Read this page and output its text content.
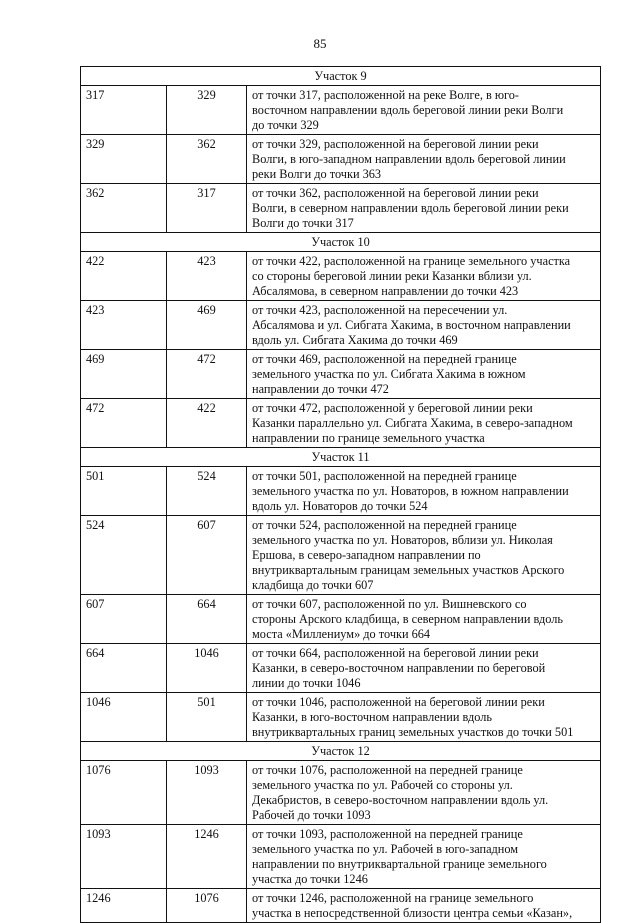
85
Участок 9		
317	329	от точки 317, расположенной на реке Волге, в юго-
восточном направлении вдоль береговой линии реки Волги
до точки 329

329	362	от точки 329, расположенной на береговой линии реки
Волги, в юго-западном направлении вдоль береговой линии
реки Волги до точки 363

362	317	от точки 362, расположенной на береговой линии реки
Волги, в северном направлении вдоль береговой линии реки
Волги до точки 317

Участок 10		
422	423	от точки 422, расположенной на границе земельного участка
со стороны береговой линии реки Казанки вблизи ул.
Абсалямова, в северном направлении до точки 423

423	469	от точки 423, расположенной на пересечении ул.
Абсалямова и ул. Сибгата Хакима, в восточном направлении
вдоль ул. Сибгата Хакима до точки 469

469	472	от точки 469, расположенной на передней границе
земельного участка по ул. Сибгата Хакима в южном
направлении до точки 472

472	422	от точки 472, расположенной у береговой линии реки
Казанки параллельно ул. Сибгата Хакима, в северо-западном
направлении по границе земельного участка

Участок 11		
501	524	от точки 501, расположенной на передней границе
земельного участка по ул. Новаторов, в южном направлении
вдоль ул. Новаторов до точки 524

524	607	от точки 524, расположенной на передней границе
земельного участка по ул. Новаторов, вблизи ул. Николая
Ершова, в северо-западном направлении по
внутриквартальным границам земельных участков Арского
кладбища до точки 607

607	664	от точки 607, расположенной по ул. Вишневского со
стороны Арского кладбища, в северном направлении вдоль
моста «Миллениум» до точки 664

664	1046	от точки 664, расположенной на береговой линии реки
Казанки, в северо-восточном направлении по береговой
линии до точки 1046

1046	501	от точки 1046, расположенной на береговой линии реки
Казанки, в юго-восточном направлении вдоль
внутриквартальных границ земельных участков до точки 501

Участок 12		
1076	1093	от точки 1076, расположенной на передней границе
земельного участка по ул. Рабочей со стороны ул.
Декабристов, в северо-восточном направлении вдоль ул.
Рабочей до точки 1093

1093	1246	от точки 1093, расположенной на передней границе
земельного участка по ул. Рабочей в юго-западном
направлении по внутриквартальной границе земельного
участка до точки 1246

1246	1076	от точки 1246, расположенной на границе земельного
участка в непосредственной близости центра семьи «Казан»,
